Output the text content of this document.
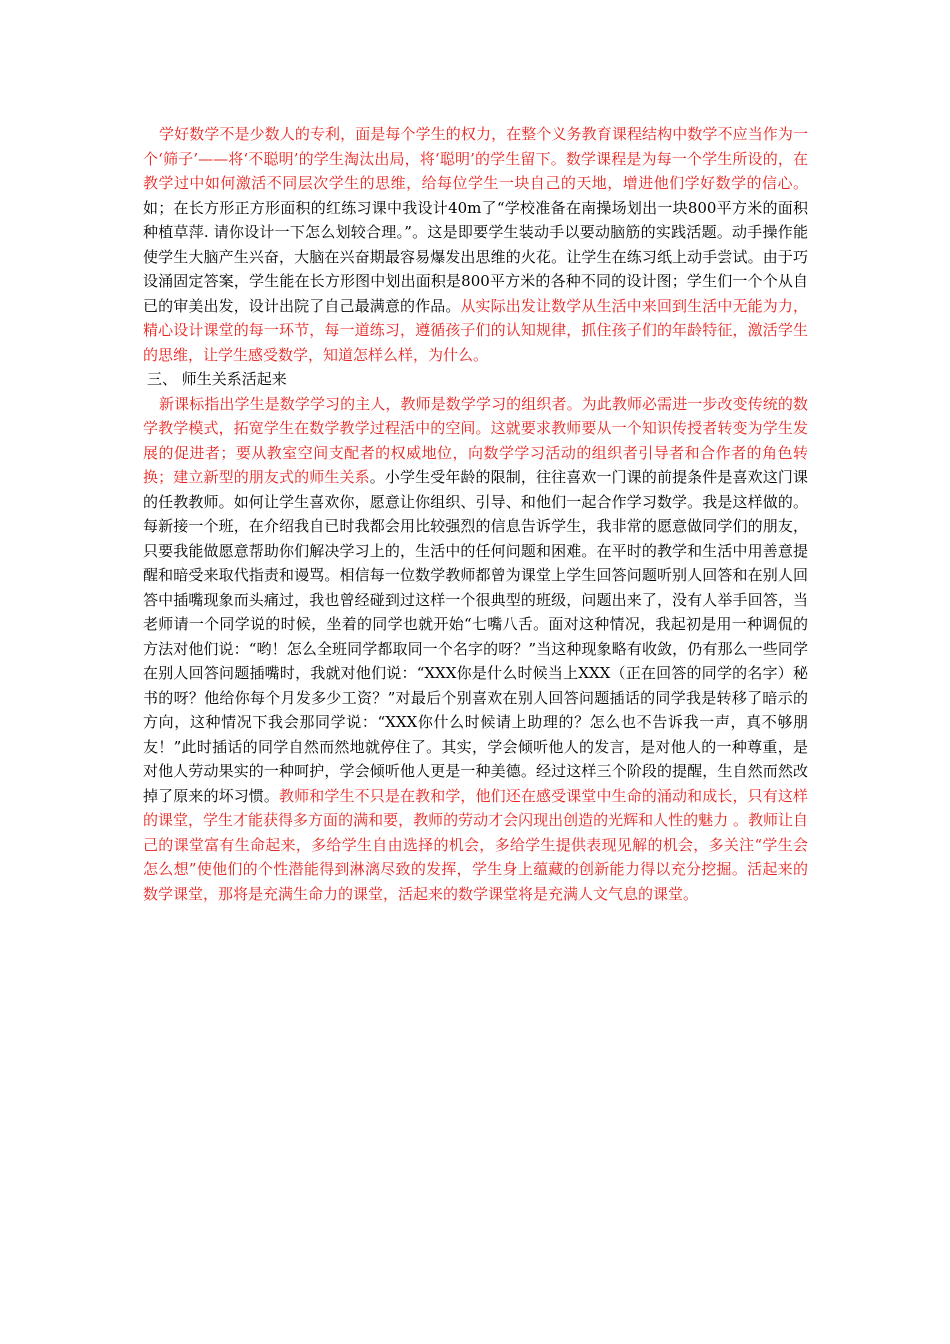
学好数学不是少数人的专利，面是每个学生的权力，在整个义务教育课程结构中数学不应当作为一个‘筛子’——将‘不聪明’的学生淘汰出局，将‘聪明’的学生留下。数学课程是为每一个学生所设的，在教学过中如何激活不同层次学生的思维，给每位学生一块自己的天地，增进他们学好数学的信心。如；在长方形正方形面积的红练习课中我设计40m了“学校准备在南操场划出一块800平方米的面积种植草萍. 请你设计一下怎么划较合理。”。这是即要学生装动手以要动脑筋的实践活题。动手操作能使学生大脑产生兴奋，大脑在兴奋期最容易爆发出思维的火花。让学生在练习纸上动手尝试。由于巧设涌固定答案，学生能在长方形图中划出面积是800平方米的各种不同的设计图；学生们一个个从自已的审美出发，设计出院了自己最满意的作品。从实际出发让数学从生活中来回到生活中无能为力，精心设计课堂的每一环节，每一道练习，遵循孩子们的认知规律，抓住孩子们的年龄特征，激活学生的思维，让学生感受数学，知道怎样么样，为什么。

三、 师生关系活起来

新课标指出学生是数学学习的主人，教师是数学学习的组织者。为此教师必需进一步改变传统的数学教学模式，拓宽学生在数学教学过程活中的空间。这就要求教师要从一个知识传授者转变为学生发展的促进者；要从教室空间支配者的权威地位，向数学学习活动的组织者引导者和合作者的角色转换；建立新型的朋友式的师生关系。小学生受年龄的限制，往往喜欢一门课的前提条件是喜欢这门课的任教教师。如何让学生喜欢你，愿意让你组织、引导、和他们一起合作学习数学。我是这样做的。每新接一个班，在介绍我自已时我都会用比较强烈的信息告诉学生，我非常的愿意做同学们的朋友，只要我能做愿意帮助你们解决学习上的，生活中的任何问题和困难。在平时的教学和生活中用善意提醒和暗受来取代指责和谩骂。相信每一位数学教师都曾为课堂上学生回答问题听别人回答和在别人回答中插嘴现象而头痛过，我也曾经碰到过这样一个很典型的班级，问题出来了，没有人举手回答，当老师请一个同学说的时候，坐着的同学也就开始“七嘴八舌。面对这种情况，我起初是用一种调侃的方法对他们说：“哟！怎么全班同学都取同一个名字的呀？”当这种现象略有收敛，仍有那么一些同学在别人回答问题插嘴时，我就对他们说：“XXX你是什么时候当上XXX（正在回答的同学的名字）秘书的呀？他给你每个月发多少工资？”对最后个别喜欢在别人回答问题插话的同学我是转移了暗示的方向，这种情况下我会那同学说：“XXX你什么时候请上助理的？怎么也不告诉我一声，真不够朋友！”此时插话的同学自然而然地就停住了。其实，学会倾听他人的发言，是对他人的一种尊重，是对他人劳动果实的一种呵护，学会倾听他人更是一种美德。经过这样三个阶段的提醒，生自然而然改掉了原来的坏习惯。教师和学生不只是在教和学，他们还在感受课堂中生命的涌动和成长，只有这样的课堂，学生才能获得多方面的满和要，教师的劳动才会闪现出创造的光辉和人性的魅力 。教师让自己的课堂富有生命起来，多给学生自由选择的机会，多给学生提供表现见解的机会，多关注“学生会怎么想”使他们的个性潜能得到淋漓尽致的发挥，学生身上蕴藏的创新能力得以充分挖掘。活起来的数学课堂，那将是充满生命力的课堂，活起来的数学课堂将是充满人文气息的课堂。
